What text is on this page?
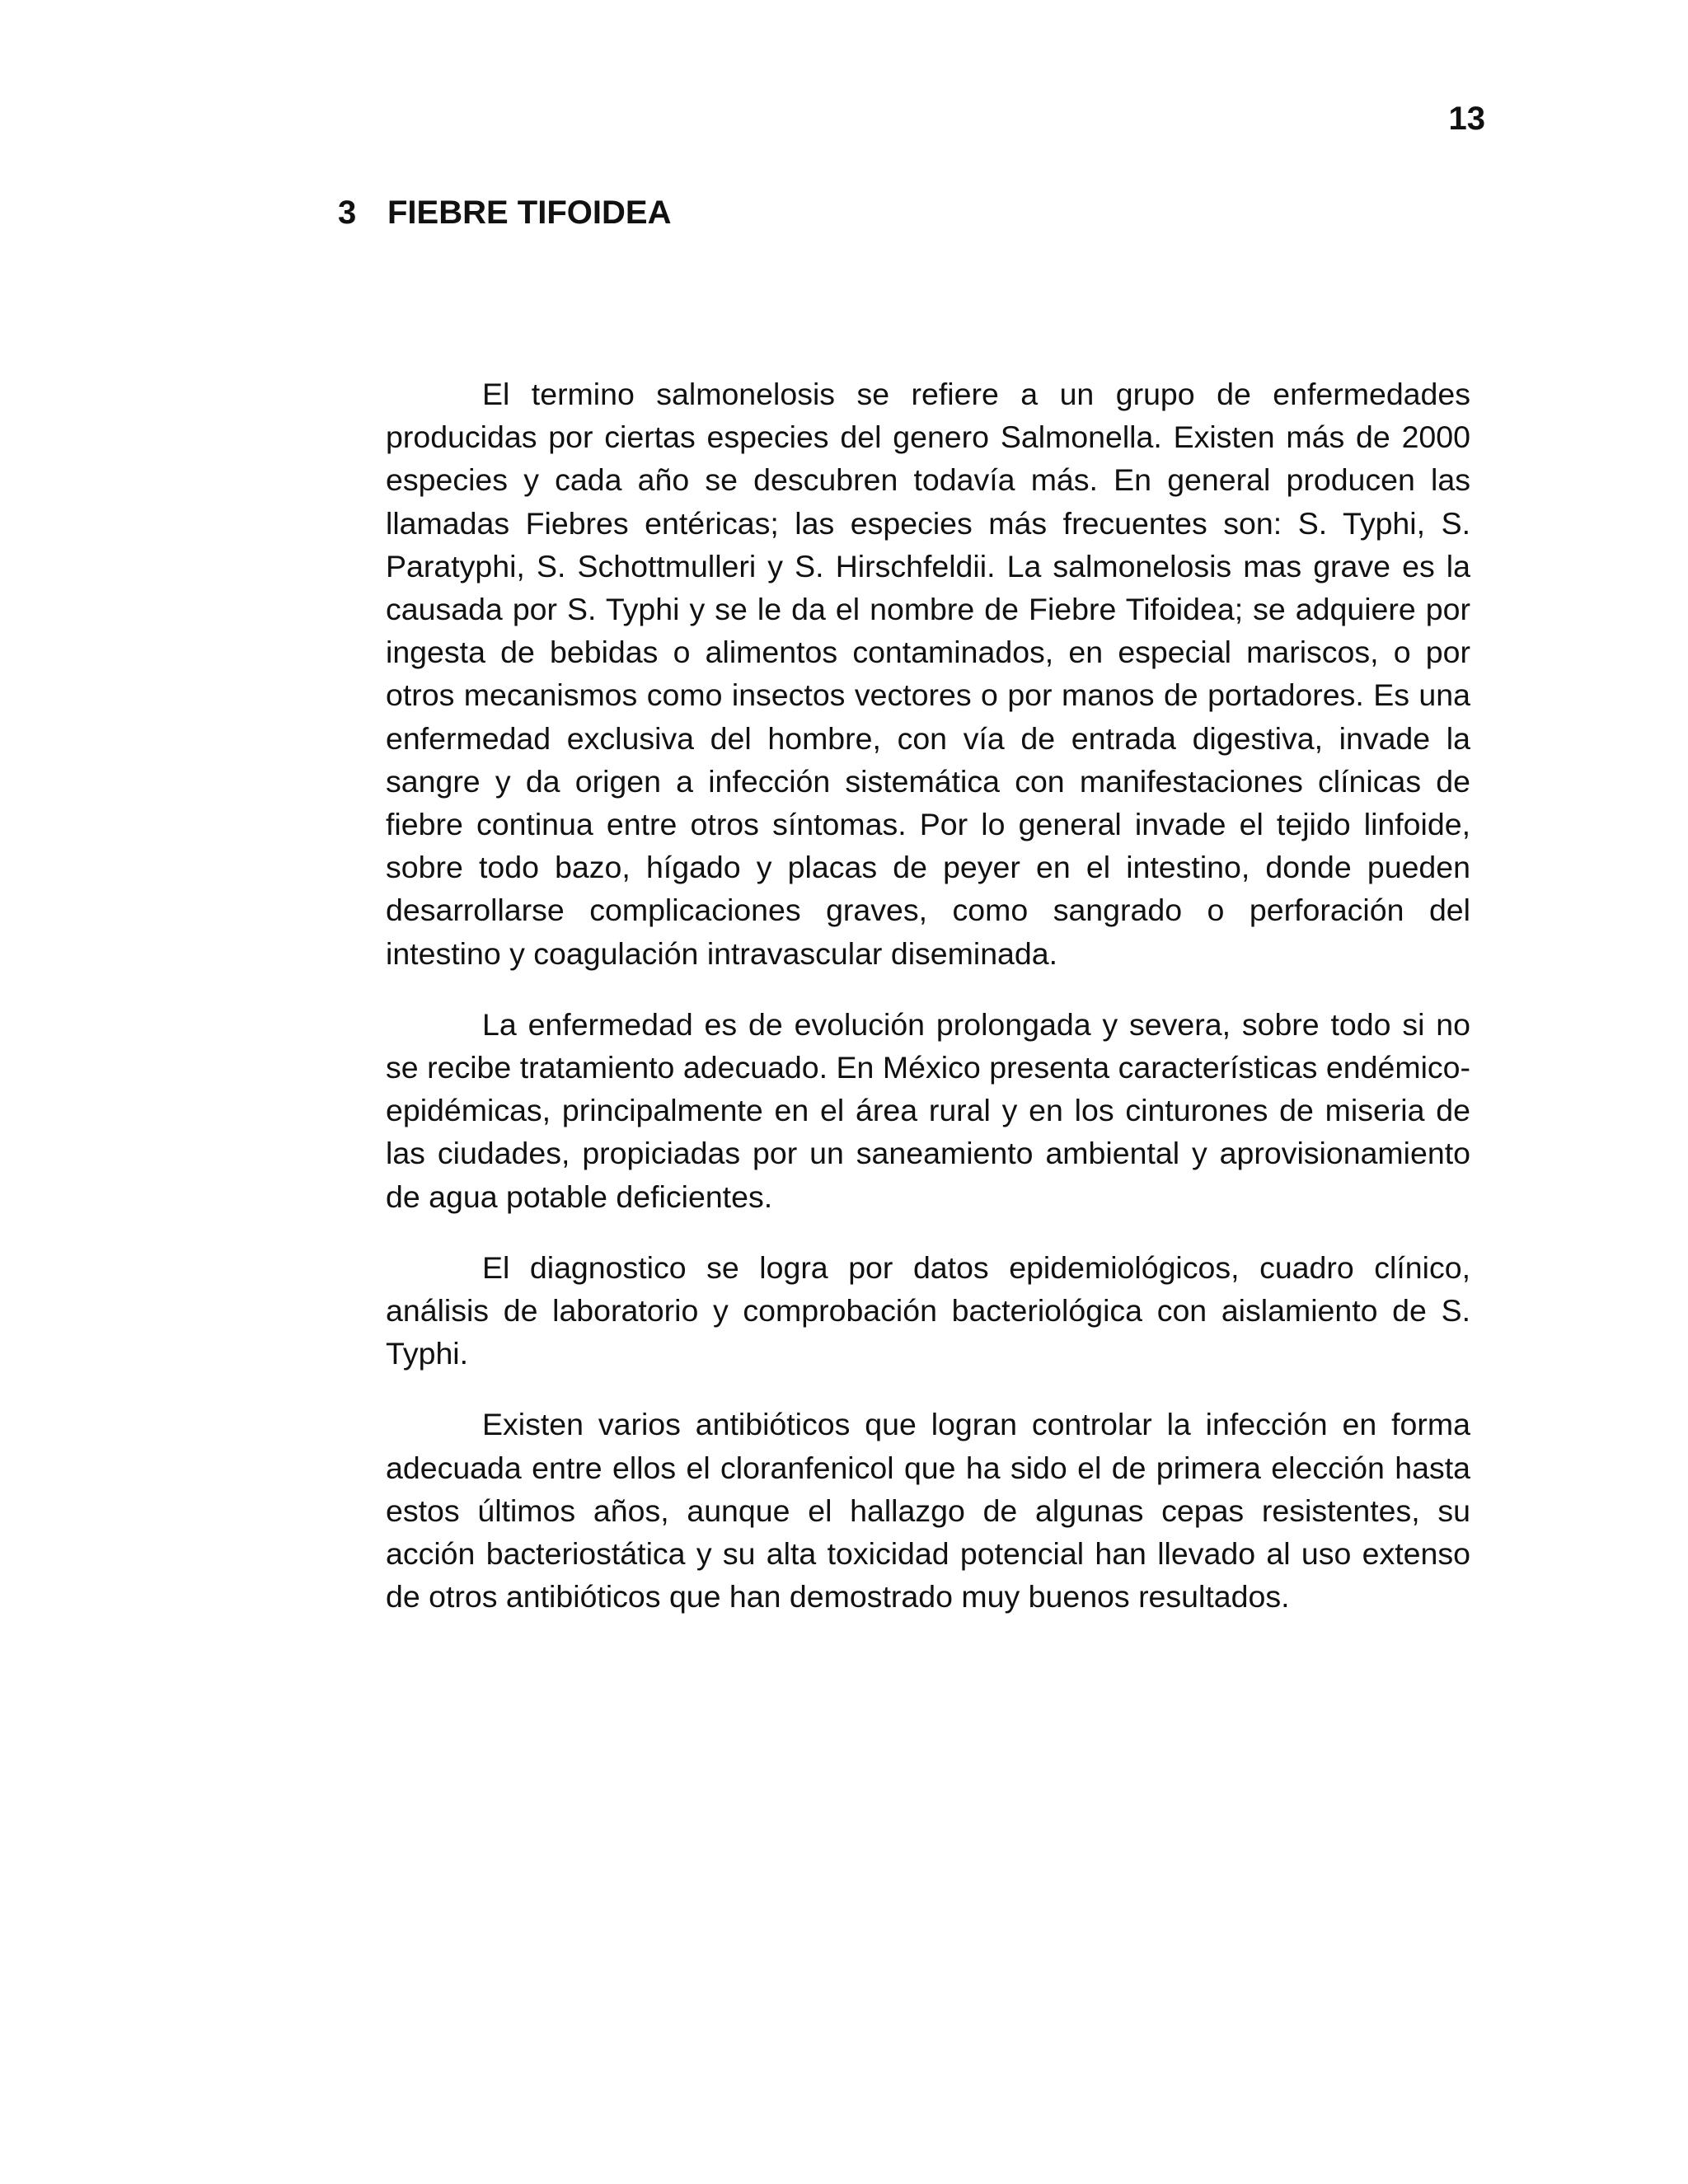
13
3 FIEBRE TIFOIDEA

El termino salmonelosis se refiere a un grupo de enfermedades producidas por ciertas especies del genero Salmonella. Existen más de 2000 especies y cada año se descubren todavía más. En general producen las llamadas Fiebres entéricas; las especies más frecuentes son: S. Typhi, S. Paratyphi, S. Schottmulleri y S. Hirschfeldii. La salmonelosis mas grave es la causada por S. Typhi y se le da el nombre de Fiebre Tifoidea; se adquiere por ingesta de bebidas o alimentos contaminados, en especial mariscos, o por otros mecanismos como insectos vectores o por manos de portadores. Es una enfermedad exclusiva del hombre, con vía de entrada digestiva, invade la sangre y da origen a infección sistemática con manifestaciones clínicas de fiebre continua entre otros síntomas. Por lo general invade el tejido linfoide, sobre todo bazo, hígado y placas de peyer en el intestino, donde pueden desarrollarse complicaciones graves, como sangrado o perforación del intestino y coagulación intravascular diseminada.

La enfermedad es de evolución prolongada y severa, sobre todo si no se recibe tratamiento adecuado. En México presenta características endémico-epidémicas, principalmente en el área rural y en los cinturones de miseria de las ciudades, propiciadas por un saneamiento ambiental y aprovisionamiento de agua potable deficientes.

El diagnostico se logra por datos epidemiológicos, cuadro clínico, análisis de laboratorio y comprobación bacteriológica con aislamiento de S. Typhi.

Existen varios antibióticos que logran controlar la infección en forma adecuada entre ellos el cloranfenicol que ha sido el de primera elección hasta estos últimos años, aunque el hallazgo de algunas cepas resistentes, su acción bacteriostática y su alta toxicidad potencial han llevado al uso extenso de otros antibióticos que han demostrado muy buenos resultados.
